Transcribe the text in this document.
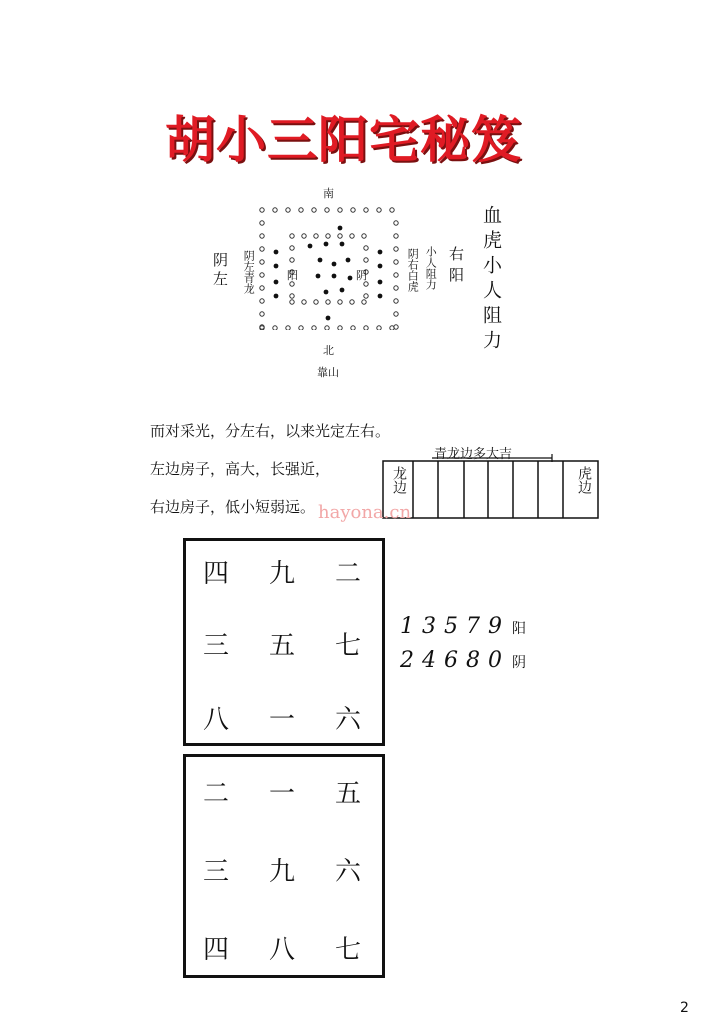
胡小三阳宅秘笈
南
北
靠山
阳	阴
阴左 阴左青龙	阴右白虎 小人阻力 右阳 血虎小人阻力
而对采光，分左右，以来光定左右。
左边房子，高大，长强近，
右边房子，低小短弱远。
青龙边多大吉
龙边	虎边
hayona.cn
四	九	二
三	五	七
八	一	六
13579 阳
24680 阴
二	一	五
三	九	六
四	八	七
2
